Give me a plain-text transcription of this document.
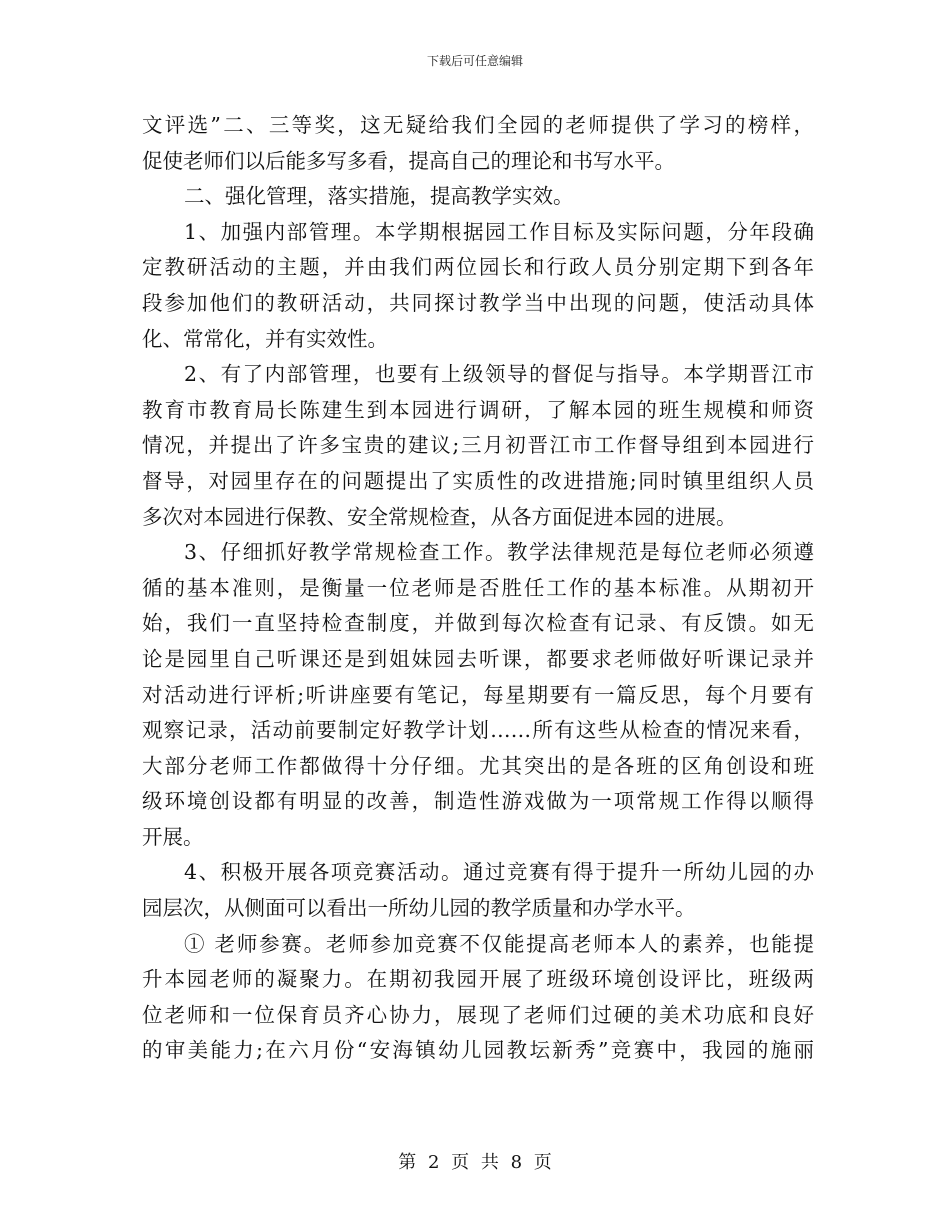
下载后可任意编辑
文评选”二、三等奖，这无疑给我们全园的老师提供了学习的榜样，
促使老师们以后能多写多看，提高自己的理论和书写水平。
二、强化管理，落实措施，提高教学实效。
1、加强内部管理。本学期根据园工作目标及实际问题，分年段确
定教研活动的主题，并由我们两位园长和行政人员分别定期下到各年
段参加他们的教研活动，共同探讨教学当中出现的问题，使活动具体
化、常常化，并有实效性。
2、有了内部管理，也要有上级领导的督促与指导。本学期晋江市
教育市教育局长陈建生到本园进行调研，了解本园的班生规模和师资
情况，并提出了许多宝贵的建议;三月初晋江市工作督导组到本园进行
督导，对园里存在的问题提出了实质性的改进措施;同时镇里组织人员
多次对本园进行保教、安全常规检查，从各方面促进本园的进展。
3、仔细抓好教学常规检查工作。教学法律规范是每位老师必须遵
循的基本准则，是衡量一位老师是否胜任工作的基本标准。从期初开
始，我们一直坚持检查制度，并做到每次检查有记录、有反馈。如无
论是园里自己听课还是到姐妹园去听课，都要求老师做好听课记录并
对活动进行评析;听讲座要有笔记，每星期要有一篇反思，每个月要有
观察记录，活动前要制定好教学计划……所有这些从检查的情况来看，
大部分老师工作都做得十分仔细。尤其突出的是各班的区角创设和班
级环境创设都有明显的改善，制造性游戏做为一项常规工作得以顺得
开展。
4、积极开展各项竞赛活动。通过竞赛有得于提升一所幼儿园的办
园层次，从侧面可以看出一所幼儿园的教学质量和办学水平。
① 老师参赛。老师参加竞赛不仅能提高老师本人的素养，也能提
升本园老师的凝聚力。在期初我园开展了班级环境创设评比，班级两
位老师和一位保育员齐心协力，展现了老师们过硬的美术功底和良好
的审美能力;在六月份“安海镇幼儿园教坛新秀”竞赛中，我园的施丽
第 2 页 共 8 页
